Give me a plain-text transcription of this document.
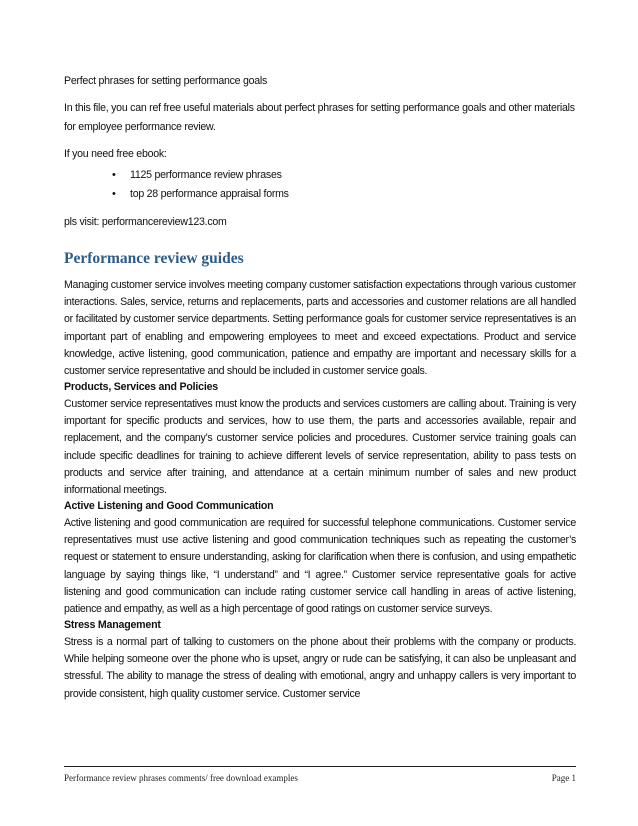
Perfect phrases for setting performance goals

In this file, you can ref free useful materials about perfect phrases for setting performance goals and other materials for employee performance review.

If you need free ebook:

• 1125 performance review phrases
• top 28 performance appraisal forms

pls visit: performancereview123.com

Performance review guides

Managing customer service involves meeting company customer satisfaction expectations through various customer interactions. Sales, service, returns and replacements, parts and accessories and customer relations are all handled or facilitated by customer service departments. Setting performance goals for customer service representatives is an important part of enabling and empowering employees to meet and exceed expectations. Product and service knowledge, active listening, good communication, patience and empathy are important and necessary skills for a customer service representative and should be included in customer service goals.

Products, Services and Policies

Customer service representatives must know the products and services customers are calling about. Training is very important for specific products and services, how to use them, the parts and accessories available, repair and replacement, and the company’s customer service policies and procedures. Customer service training goals can include specific deadlines for training to achieve different levels of service representation, ability to pass tests on products and service after training, and attendance at a certain minimum number of sales and new product informational meetings.

Active Listening and Good Communication

Active listening and good communication are required for successful telephone communications. Customer service representatives must use active listening and good communication techniques such as repeating the customer’s request or statement to ensure understanding, asking for clarification when there is confusion, and using empathetic language by saying things like, “I understand” and “I agree.” Customer service representative goals for active listening and good communication can include rating customer service call handling in areas of active listening, patience and empathy, as well as a high percentage of good ratings on customer service surveys.

Stress Management

Stress is a normal part of talking to customers on the phone about their problems with the company or products. While helping someone over the phone who is upset, angry or rude can be satisfying, it can also be unpleasant and stressful. The ability to manage the stress of dealing with emotional, angry and unhappy callers is very important to provide consistent, high quality customer service. Customer service

Performance review phrases comments/ free download examples	Page 1
